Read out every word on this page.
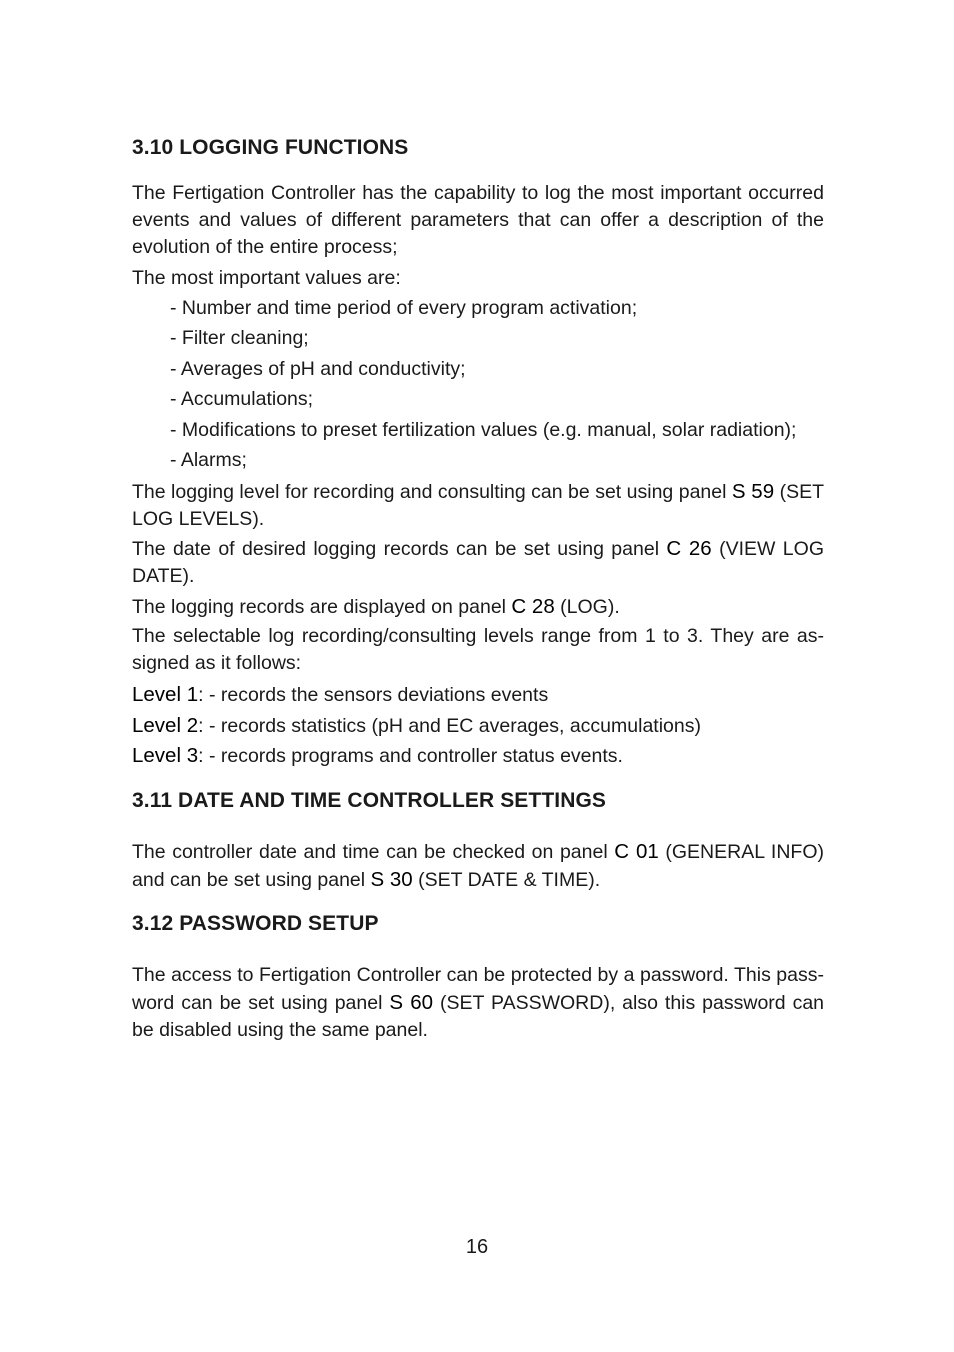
3.10 LOGGING FUNCTIONS
The Fertigation Controller has the capability to log the most important occurred events and values of different parameters that can offer a description of the evolution of the entire process;
The most important values are:
- Number and time period of every program activation;
- Filter cleaning;
- Averages of pH and conductivity;
- Accumulations;
- Modifications to preset fertilization values (e.g. manual, solar radiation);
- Alarms;
The logging level for recording and consulting can be set using panel S 59 (SET LOG LEVELS).
The date of desired logging records can be set using panel C 26 (VIEW LOG DATE).
The logging records are displayed on panel C 28 (LOG).
The selectable log recording/consulting levels range from 1 to 3. They are as-signed as it follows:
Level 1: - records the sensors deviations events
Level 2: - records statistics (pH and EC averages, accumulations)
Level 3: - records programs and controller status events.
3.11 DATE AND TIME CONTROLLER SETTINGS
The controller date and time can be checked on panel C 01 (GENERAL INFO) and can be set using panel S 30 (SET DATE & TIME).
3.12 PASSWORD SETUP
The access to Fertigation Controller can be protected by a password. This pass-word can be set using panel S 60 (SET PASSWORD), also this password can be disabled using the same panel.
16
